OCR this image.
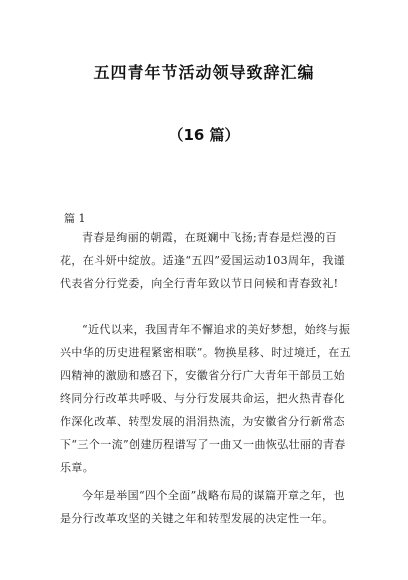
五四青年节活动领导致辞汇编
（16 篇）
篇 1

青春是绚丽的朝霞，在斑斓中飞扬;青春是烂漫的百花，在斗妍中绽放。适逢“五四”爱国运动103周年，我谨代表省分行党委，向全行青年致以节日问候和青春致礼!

“近代以来，我国青年不懈追求的美好梦想，始终与振兴中华的历史进程紧密相联”。物换星移、时过境迁，在五四精神的激励和感召下，安徽省分行广大青年干部员工始终同分行改革共呼吸、与分行发展共命运，把火热青春化作深化改革、转型发展的涓涓热流，为安徽省分行新常态下“三个一流”创建历程谱写了一曲又一曲恢弘壮丽的青春乐章。

今年是举国“四个全面”战略布局的谋篇开章之年，也是分行改革攻坚的关键之年和转型发展的决定性一年。
